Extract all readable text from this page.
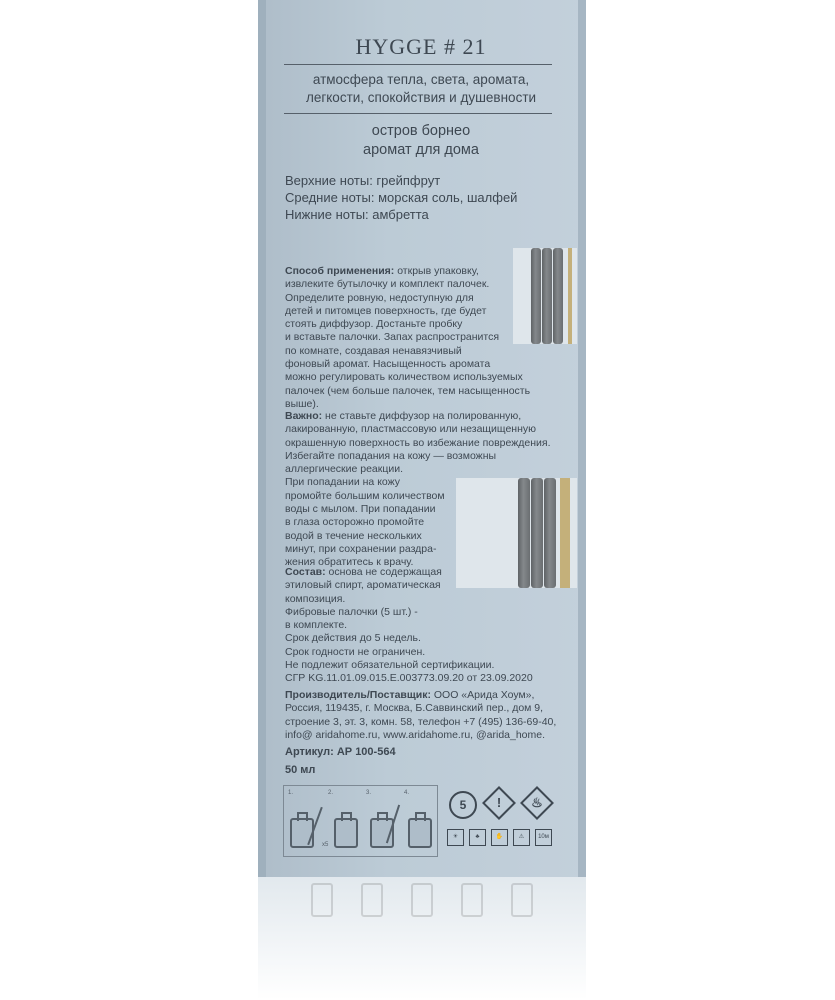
HYGGE # 21
атмосфера тепла, света, аромата,
легкости, спокойствия и душевности
остров борнео
аромат для дома
Верхние ноты: грейпфрут
Средние ноты: морская соль, шалфей
Нижние ноты: амбретта

Способ применения: открыв упаковку,

извлеките бутылочку и комплект палочек.

Определите ровную, недоступную для

детей и питомцев поверхность, где будет

стоять диффузор. Достаньте пробку

и вставьте палочки. Запах распространится

по комнате, создавая ненавязчивый

фоновый аромат. Насыщенность аромата

можно регулировать количеством используемых

палочек (чем больше палочек, тем насыщенность

выше).

Важно: не ставьте диффузор на полированную,

лакированную, пластмассовую или незащищенную

окрашенную поверхность во избежание повреждения.

Избегайте попадания на кожу — возможны

аллергические реакции.

При попадании на кожу

промойте большим количеством

воды с мылом. При попадании

в глаза осторожно промойте

водой в течение нескольких

минут, при сохранении раздра-

жения обратитесь к врачу.

Состав: основа не содержащая

этиловый спирт, ароматическая

композиция.

Фибровые палочки (5 шт.) -

в комплекте.

Срок действия до 5 недель.

Срок годности не ограничен.

Не подлежит обязательной сертификации.

СГР KG.11.01.09.015.E.003773.09.20 от 23.09.2020

Производитель/Поставщик: ООО «Арида Хоум»,

Россия, 119435, г. Москва, Б.Саввинский пер., дом 9,

строение 3, эт. 3, комн. 58, телефон +7 (495) 136-69-40,

info@ aridahome.ru, www.aridahome.ru, @arida_home.

Артикул: АР 100-564
50 мл
1.	2.	3.	4.
x5
5	!	♨
☀	♣	✋	⚠	10м
